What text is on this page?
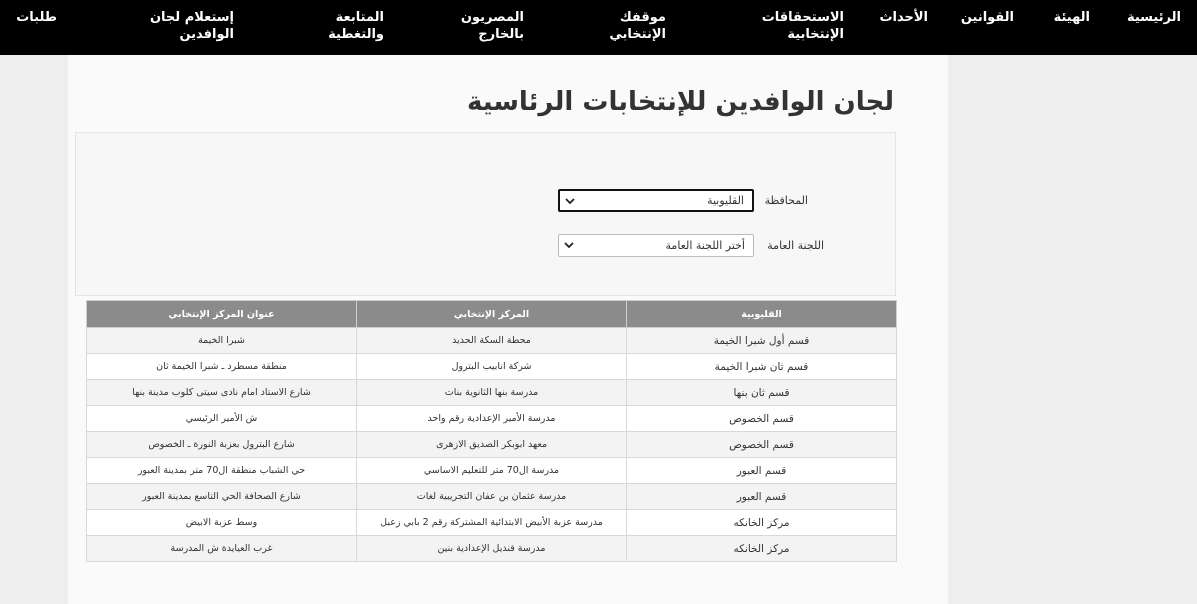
الرئيسية
الهيئة
القوانين
الأحداث
الاستحقاقات
الإنتخابية
موقفك
الإنتخابي
المصريون
بالخارج
المتابعة
والتغطية
إستعلام لجان
الوافدين
طلبات
لجان الوافدين للإنتخابات الرئاسية
المحافظة
القليوبية
اللجنة العامة
أختر اللجنة العامة
القليوبية	المركز الإنتخابي	عنوان المركز الإنتخابي
قسم أول شبرا الخيمة	محطة السكة الحديد	شبرا الخيمة
قسم ثان شبرا الخيمة	شركة انابيب البترول	منطقة مسطرد ـ شبرا الخيمة ثان
قسم ثان بنها	مدرسة بنها الثانوية بنات	شارع الاستاد امام نادى سيتى كلوب مدينة بنها
قسم الخصوص	مدرسة الأمير الإعدادية رقم واحد	ش الأمير الرئيسي
قسم الخصوص	معهد ابوبكر الصديق الازهرى	شارع البترول بعزبة النورة ـ الخصوص
قسم العبور	مدرسة ال70 متر للتعليم الاساسي	حي الشباب منطقة ال70 متر بمدينة العبور
قسم العبور	مدرسة عثمان بن عفان التجريبية لغات	شارع الصحافة الحي التاسع بمدينة العبور
مركز الخانكه	مدرسة عزبة الأبيض الابتدائية المشتركة رقم 2 بابي زعبل	وسط عزبة الابيض
مركز الخانكه	مدرسة قنديل الإعدادية بنين	غرب العيايدة ش المدرسة
